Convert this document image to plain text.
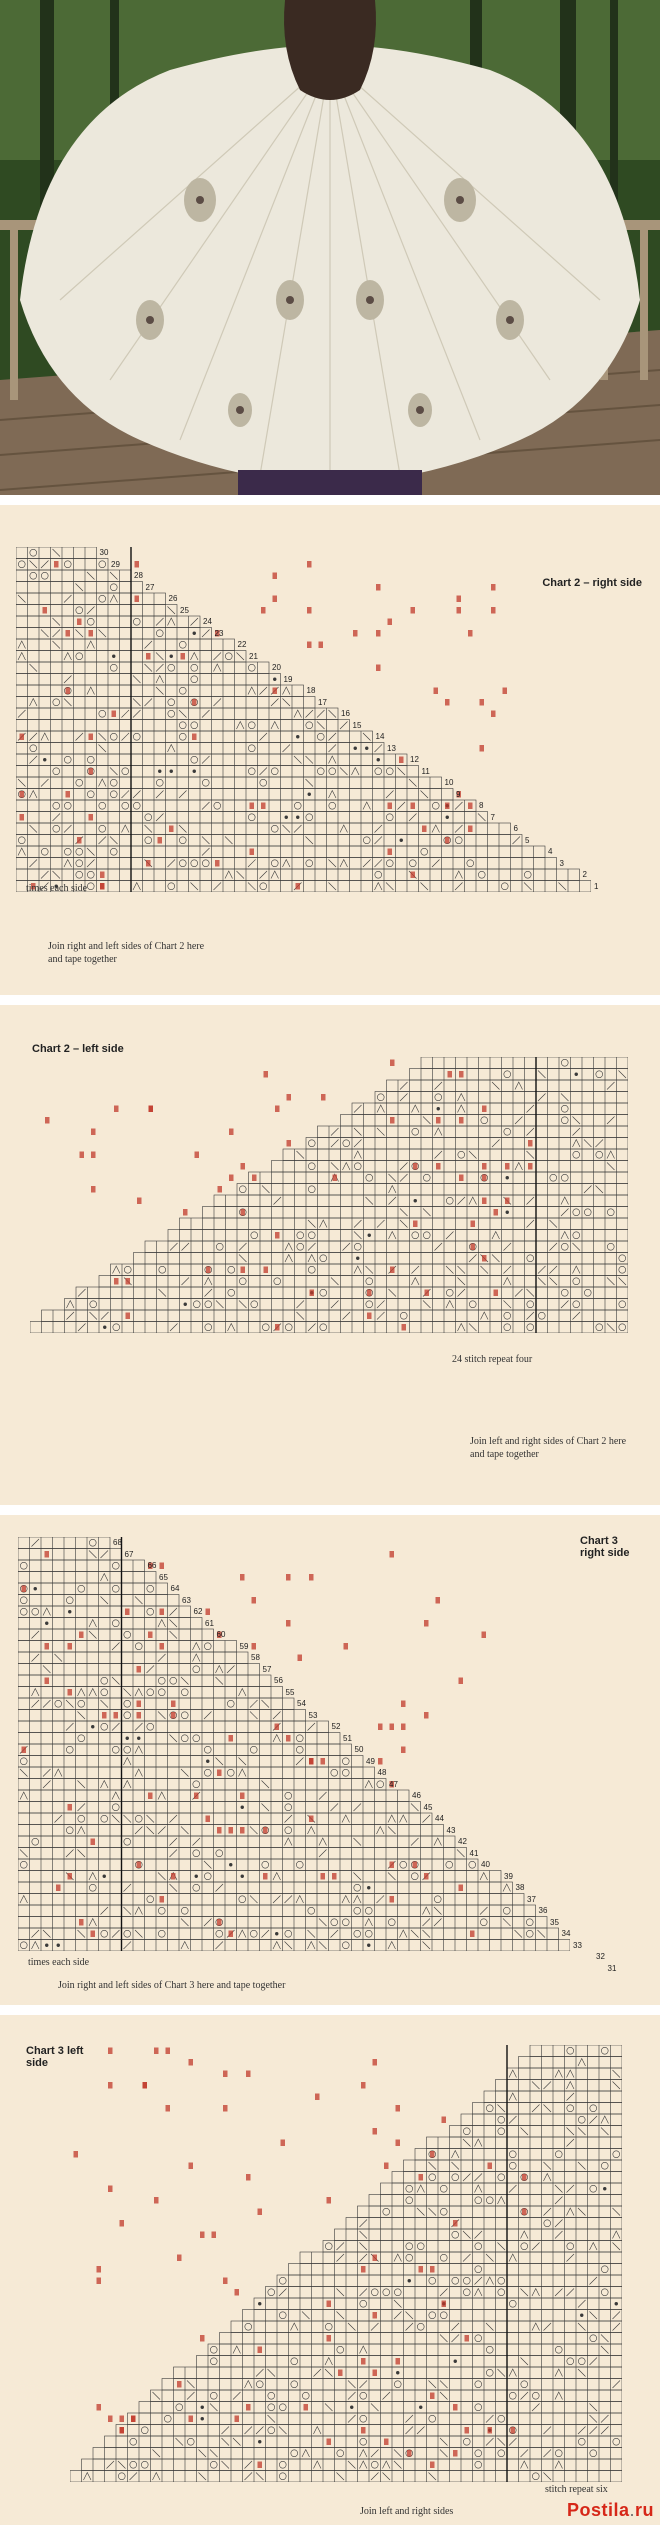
Chart 2 – right side
30
29
28
27
26
25
24
23
22
21
20
19
18
17
16
15
14
13
12
11
10
9
8
7
6
5
4
3
2
1
times each side
Join right and left sides of Chart 2 here and tape together
Chart 2 – left side
24 stitch repeat four
Join left and right sides of Chart 2 here and tape together
Chart 3 right side
68
67
66
65
64
63
62
61
60
59
58
57
56
55
54
53
52
51
50
49
48
47
46
45
44
43
42
41
40
39
38
37
36
35
34
33
32
31
times each side
Join right and left sides of Chart 3 here and tape together
Chart 3 left side
stitch repeat six
Join left and right sides	Postila.ru
